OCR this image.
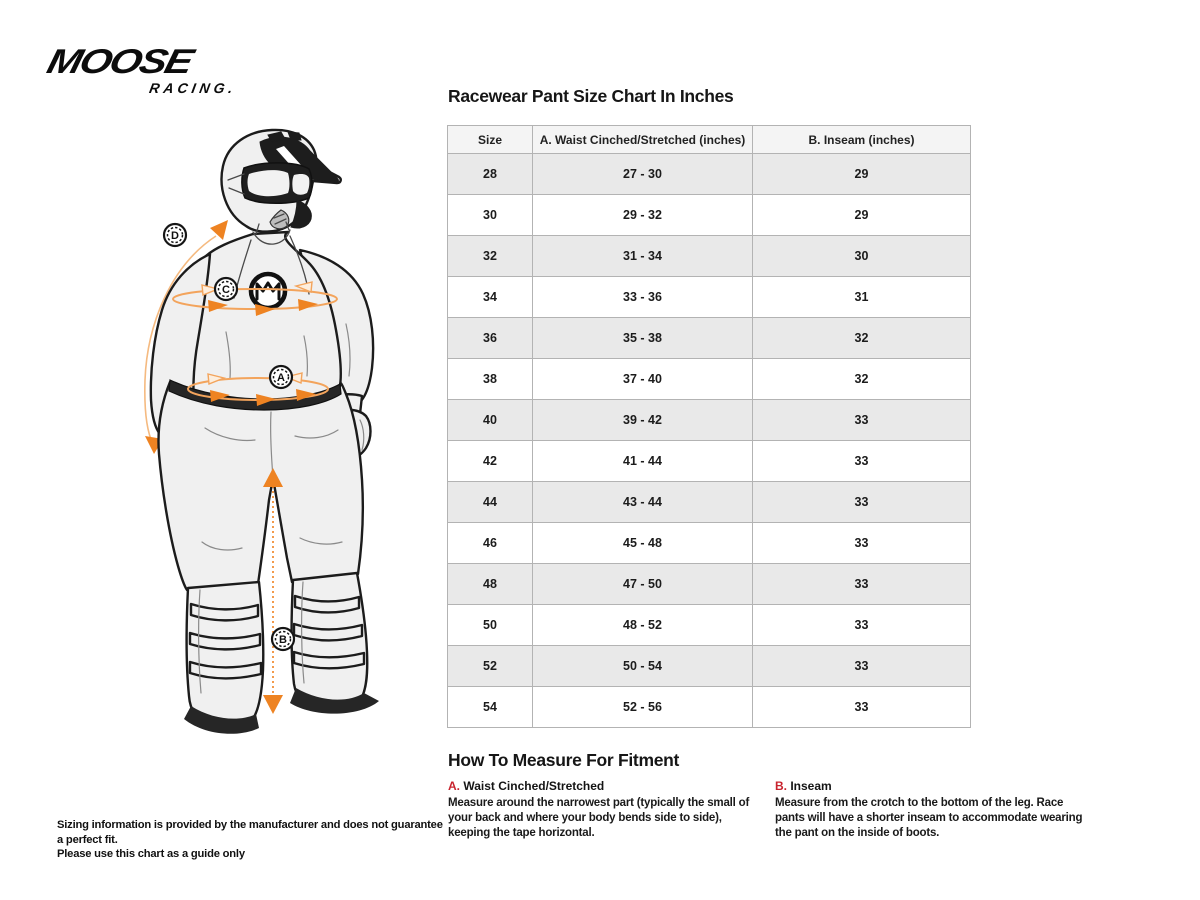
MOOSE
RACING.
D
C
A
B
Racewear Pant Size Chart In Inches
Size	A. Waist Cinched/Stretched (inches)	B. Inseam (inches)
28	27 - 30	29
30	29 - 32	29
32	31 - 34	30
34	33 - 36	31
36	35 - 38	32
38	37 - 40	32
40	39 - 42	33
42	41 - 44	33
44	43 - 44	33
46	45 - 48	33
48	47 - 50	33
50	48 - 52	33
52	50 - 54	33
54	52 - 56	33
How To Measure For Fitment

A. Waist Cinched/Stretched

Measure around the narrowest part (typically the small of your back and where your body bends side to side), keeping the tape horizontal.

B. Inseam

Measure from the crotch to the bottom of the leg. Race pants will have a shorter inseam to accommodate wearing the pant on the inside of boots.

Sizing information is provided by the manufacturer and does not guarantee a perfect fit.
Please use this chart as a guide only
